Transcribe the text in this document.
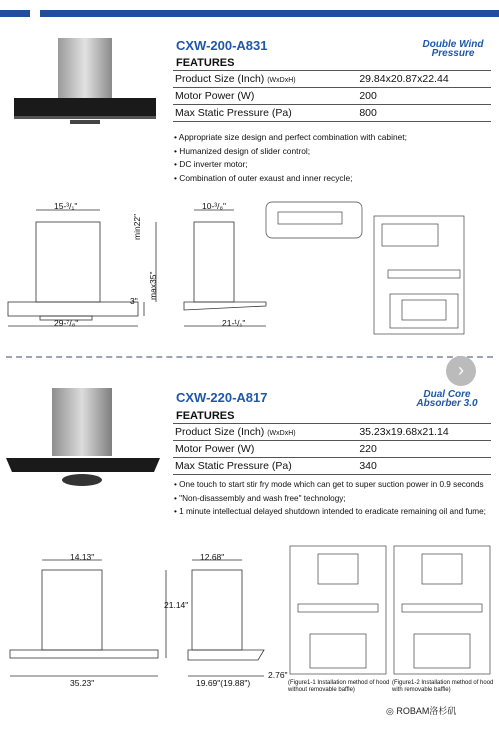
CXW-200-A831	Double Wind Pressure
FEATURES
Product Size (Inch) (WxDxH)	29.84x20.87x22.44
Motor Power (W)	200
Max Static Pressure (Pa)	800
• Appropriate size design and perfect combination with cabinet;
• Humanized design of slider control;
• DC inverter motor;
• Combination of outer exaust and inner recycle;
15-³/₁"
29-⁷/₈"
min22"
max35"
3"
10-³/₈"
21-¹/₁"
›
CXW-220-A817	Dual Core Absorber 3.0
FEATURES
Product Size (Inch) (WxDxH)	35.23x19.68x21.14
Motor Power (W)	220
Max Static Pressure (Pa)	340
• One touch to start stir fry mode which can get to super suction power in 0.9 seconds
• "Non-disassembly and wash free" technology;
• 1 minute intellectual delayed shutdown intended to eradicate remaining oil and fume;
14.13"
35.23"
21.14"
12.68"
19.69"(19.88")
2.76"
(Figure1-1 Installation method of hood without removable baffle)
(Figure1-2 Installation method of hood with removable baffle)
◎ ROBAM洛杉矶
